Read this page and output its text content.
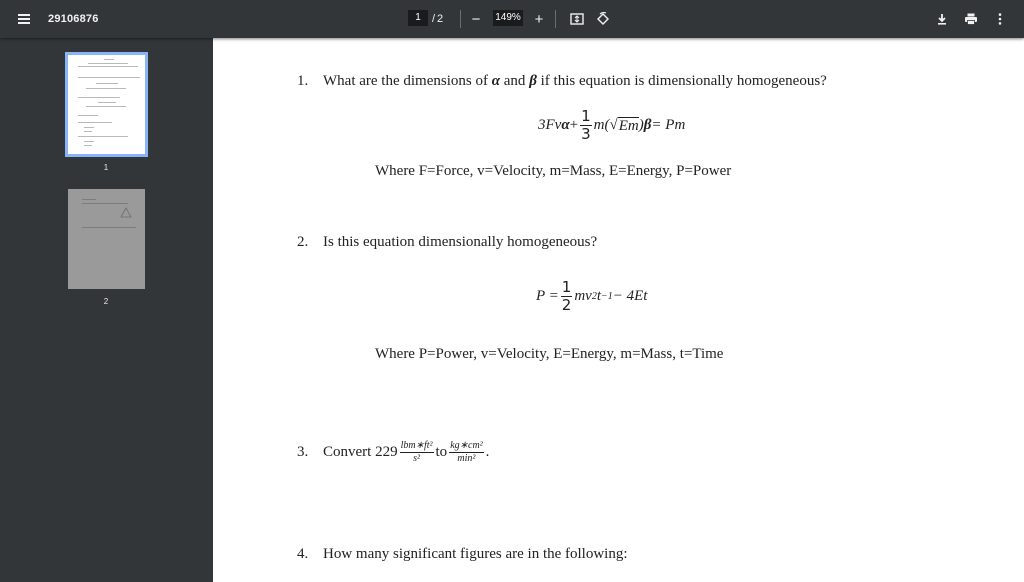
29106876	1	/ 2	−	149% +
1
2
1. What are the dimensions of α and β if this equation is dimensionally homogeneous?
3F v $\alpha + \frac{1}{3} m$( √ Em ) β = Pm
Where F=Force, v=Velocity, m=Mass, E=Energy, P=Power
2. Is this equation dimensionally homogeneous?
$P = \frac{1}{2}$ mv 2 t −1 − 4Et
Where P=Power, v=Velocity, E=Energy, m=Mass, t=Time
3. Convert $229 \frac{\text{lbm∗ft²}}{\text{s²}}$ to $\frac{\text{kg∗cm²}}{\text{min²}}$ .
4. How many significant figures are in the following:
